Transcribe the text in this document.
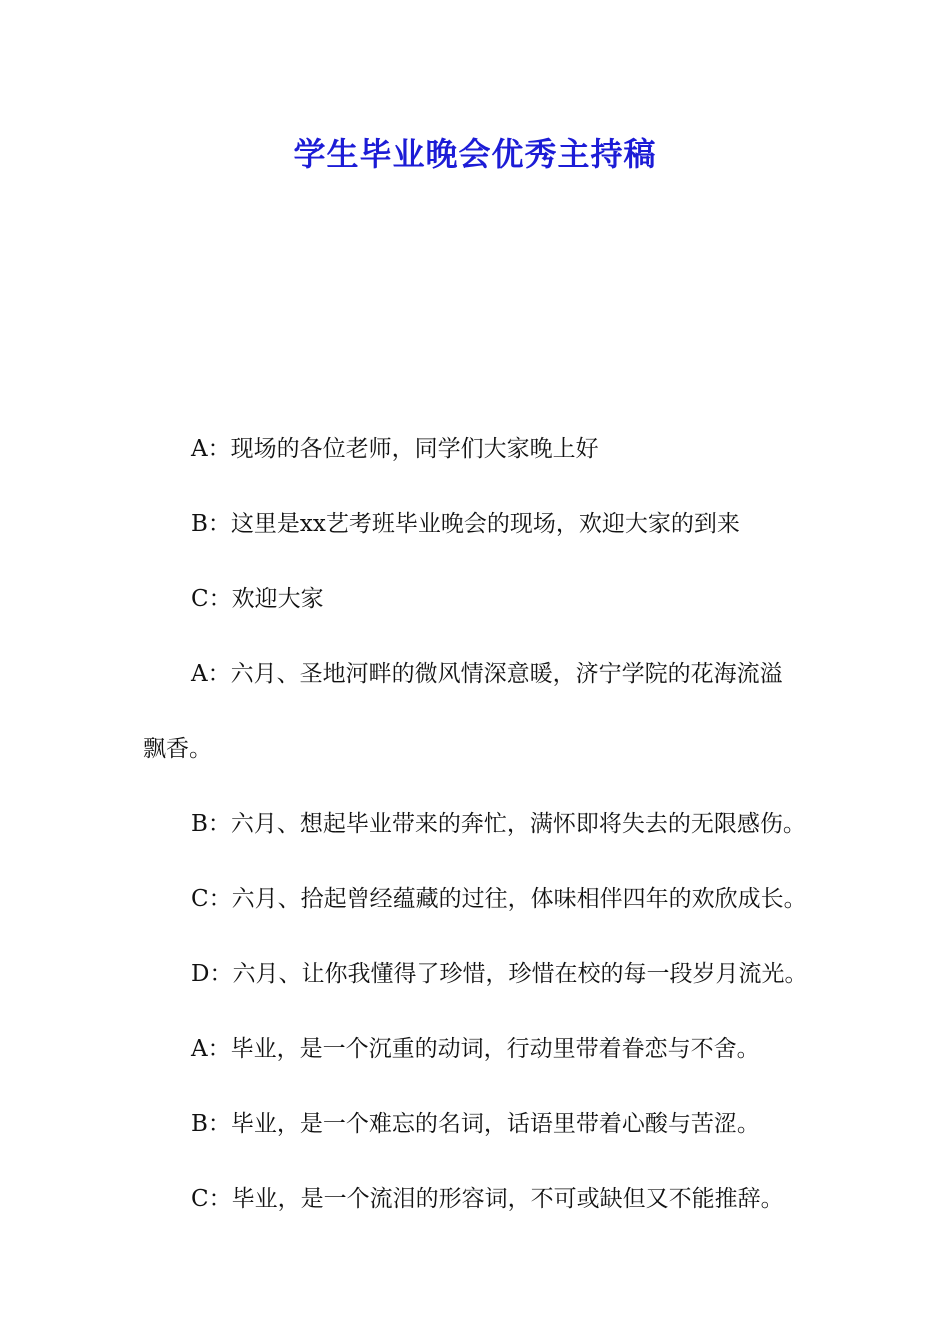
学生毕业晚会优秀主持稿

A：现场的各位老师，同学们大家晚上好

B：这里是xx艺考班毕业晚会的现场，欢迎大家的到来

C：欢迎大家

A：六月、圣地河畔的微风情深意暖，济宁学院的花海流溢

飘香。

B：六月、想起毕业带来的奔忙，满怀即将失去的无限感伤。

C：六月、拾起曾经蕴藏的过往，体味相伴四年的欢欣成长。

D：六月、让你我懂得了珍惜，珍惜在校的每一段岁月流光。

A：毕业，是一个沉重的动词，行动里带着眷恋与不舍。

B：毕业，是一个难忘的名词，话语里带着心酸与苦涩。

C：毕业，是一个流泪的形容词，不可或缺但又不能推辞。
